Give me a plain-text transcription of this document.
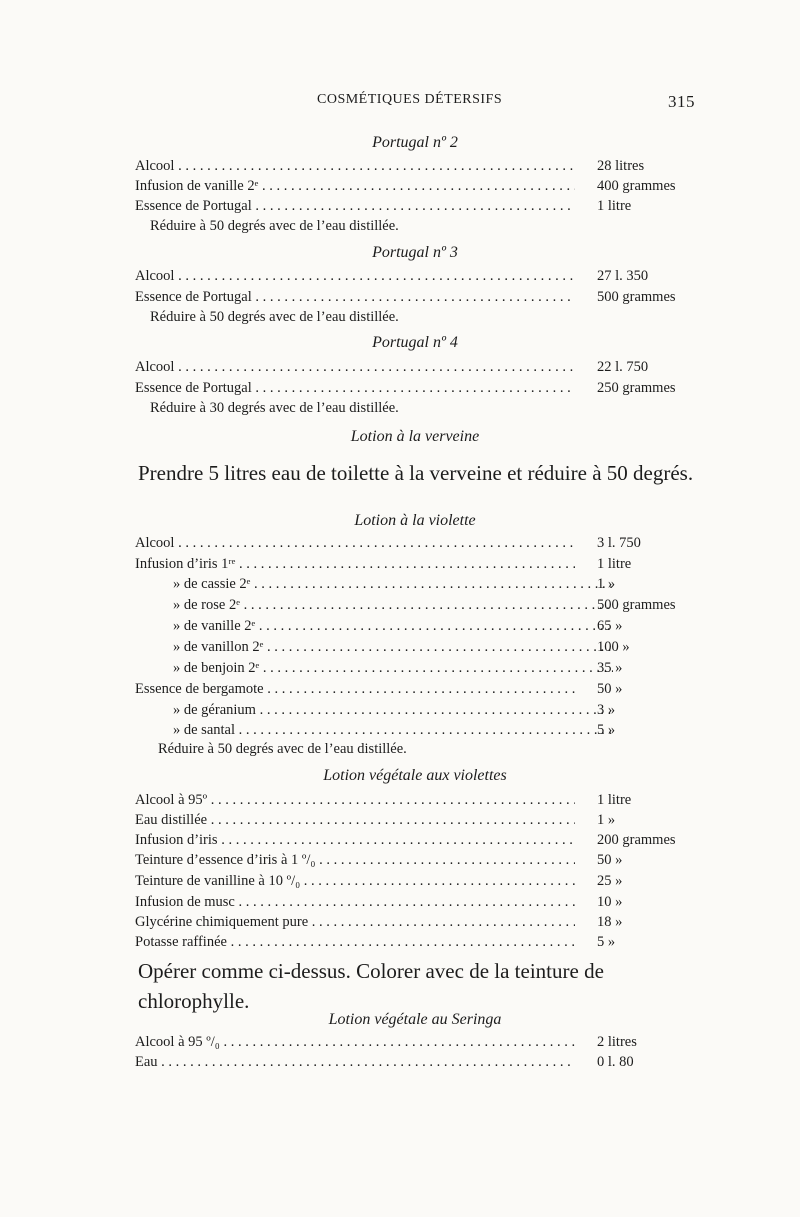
COSMÉTIQUES DÉTERSIFS	315
Portugal nº 2
Alcool . . .	28 litres
Infusion de vanille 2ᵉ . . .	400 grammes
Essence de Portugal . . .	1 litre
Réduire à 50 degrés avec de l’eau distillée.
Portugal nº 3
Alcool . . .	27 l. 350
Essence de Portugal . . .	500 grammes
Réduire à 50 degrés avec de l’eau distillée.
Portugal nº 4
Alcool . . .	22 l. 750
Essence de Portugal . . .	250 grammes
Réduire à 30 degrés avec de l’eau distillée.
Lotion à la verveine
Prendre 5 litres eau de toilette à la verveine et réduire à 50 degrés.
Lotion à la violette
Alcool . . .	3 l. 750
Infusion d’iris 1ʳᵉ . . .	1 litre
» de cassie 2ᵉ . . .	1 »
» de rose 2ᵉ . . .	500 grammes
» de vanille 2ᵉ . . .	65 »
» de vanillon 2ᵉ . . .	100 »
» de benjoin 2ᵉ . . .	35 »
Essence de bergamote . . .	50 »
» de géranium . . .	3 »
» de santal . . .	5 »
Réduire à 50 degrés avec de l’eau distillée.
Lotion végétale aux violettes
Alcool à 95º . . .	1 litre
Eau distillée . . .	1 »
Infusion d’iris . . .	200 grammes
Teinture d’essence d’iris à 1 º/₀ . . .	50 »
Teinture de vanilline à 10 º/₀ . . .	25 »
Infusion de musc . . .	10 »
Glycérine chimiquement pure . . .	18 »
Potasse raffinée . . .	5 »
Opérer comme ci-dessus. Colorer avec de la teinture de chlorophylle.
Lotion végétale au Seringa
Alcool à 95 º/₀ . . .	2 litres
Eau . . .	0 l. 80
